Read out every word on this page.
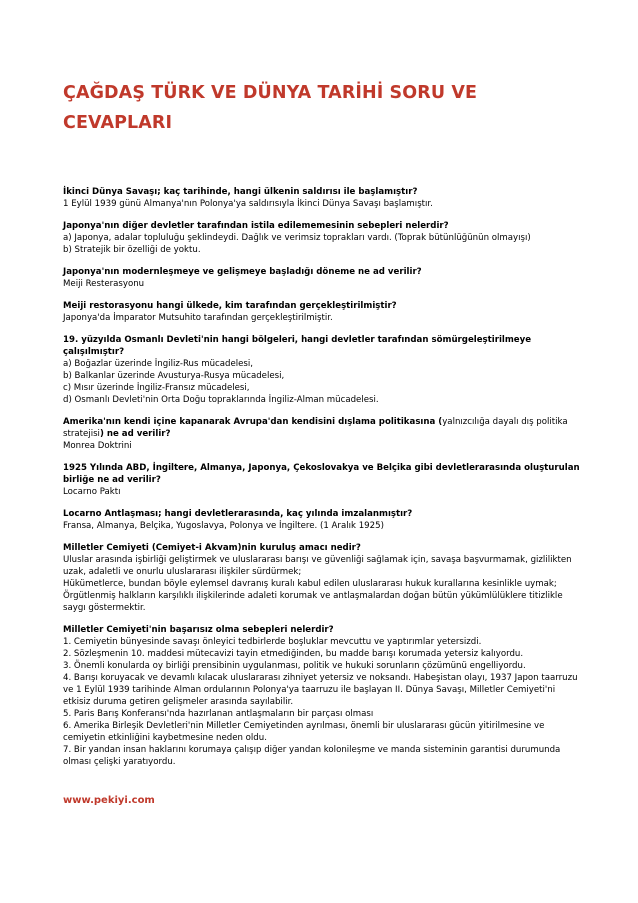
ÇAĞDAŞ TÜRK VE DÜNYA TARİHİ SORU VE
CEVAPLARI
İkinci Dünya Savaşı; kaç tarihinde, hangi ülkenin saldırısı ile başlamıştır?
1 Eylül 1939 günü Almanya'nın Polonya'ya saldırısıyla İkinci Dünya Savaşı başlamıştır.
Japonya'nın diğer devletler tarafından istila edilememesinin sebepleri nelerdir?
a) Japonya, adalar topluluğu şeklindeydi. Dağlık ve verimsiz toprakları vardı. (Toprak bütünlüğünün olmayışı)
b) Stratejik bir özelliği de yoktu.
Japonya'nın modernleşmeye ve gelişmeye başladığı döneme ne ad verilir?
Meiji Resterasyonu
Meiji restorasyonu hangi ülkede, kim tarafından gerçekleştirilmiştir?
Japonya'da İmparator Mutsuhito tarafından gerçekleştirilmiştir.
19. yüzyılda Osmanlı Devleti'nin hangi bölgeleri, hangi devletler tarafından sömürgeleştirilmeye çalışılmıştır?
a) Boğazlar üzerinde İngiliz-Rus mücadelesi,
b) Balkanlar üzerinde Avusturya-Rusya mücadelesi,
c) Mısır üzerinde İngiliz-Fransız mücadelesi,
d) Osmanlı Devleti'nin Orta Doğu topraklarında İngiliz-Alman mücadelesi.
Amerika'nın kendi içine kapanarak Avrupa'dan kendisini dışlama politikasına (yalnızcılığa dayalı dış politika stratejisi) ne ad verilir?
Monrea Doktrini
1925 Yılında ABD, İngiltere, Almanya, Japonya, Çekoslovakya ve Belçika gibi devletlerarasında oluşturulan birliğe ne ad verilir?
Locarno Paktı
Locarno Antlaşması; hangi devletlerarasında, kaç yılında imzalanmıştır?
Fransa, Almanya, Belçika, Yugoslavya, Polonya ve İngiltere. (1 Aralık 1925)
Milletler Cemiyeti (Cemiyet-i Akvam)nin kuruluş amacı nedir?
Uluslar arasında işbirliği geliştirmek ve uluslararası barışı ve güvenliği sağlamak için, savaşa başvurmamak, gizlilikten uzak, adaletli ve onurlu uluslararası ilişkiler sürdürmek;
Hükümetlerce, bundan böyle eylemsel davranış kuralı kabul edilen uluslararası hukuk kurallarına kesinlikle uymak;
Örgütlenmiş halkların karşılıklı ilişkilerinde adaleti korumak ve antlaşmalardan doğan bütün yükümlülüklere titizlikle saygı göstermektir.
Milletler Cemiyeti'nin başarısız olma sebepleri nelerdir?
1. Cemiyetin bünyesinde savaşı önleyici tedbirlerde boşluklar mevcuttu ve yaptırımlar yetersizdi.
2. Sözleşmenin 10. maddesi mütecavizi tayin etmediğinden, bu madde barışı korumada yetersiz kalıyordu.
3. Önemli konularda oy birliği prensibinin uygulanması, politik ve hukuki sorunların çözümünü engelliyordu.
4. Barışı koruyacak ve devamlı kılacak uluslararası zihniyet yetersiz ve noksandı. Habeşistan olayı, 1937 Japon taarruzu ve 1 Eylül 1939 tarihinde Alman ordularının Polonya'ya taarruzu ile başlayan II. Dünya Savaşı, Milletler Cemiyeti'ni etkisiz duruma getiren gelişmeler arasında sayılabilir.
5. Paris Barış Konferansı'nda hazırlanan antlaşmaların bir parçası olması
6. Amerika Birleşik Devletleri'nin Milletler Cemiyetinden ayrılması, önemli bir uluslararası gücün yitirilmesine ve cemiyetin etkinliğini kaybetmesine neden oldu.
7. Bir yandan insan haklarını korumaya çalışıp diğer yandan kolonileşme ve manda sisteminin garantisi durumunda olması çelişki yaratıyordu.
www.pekiyi.com
